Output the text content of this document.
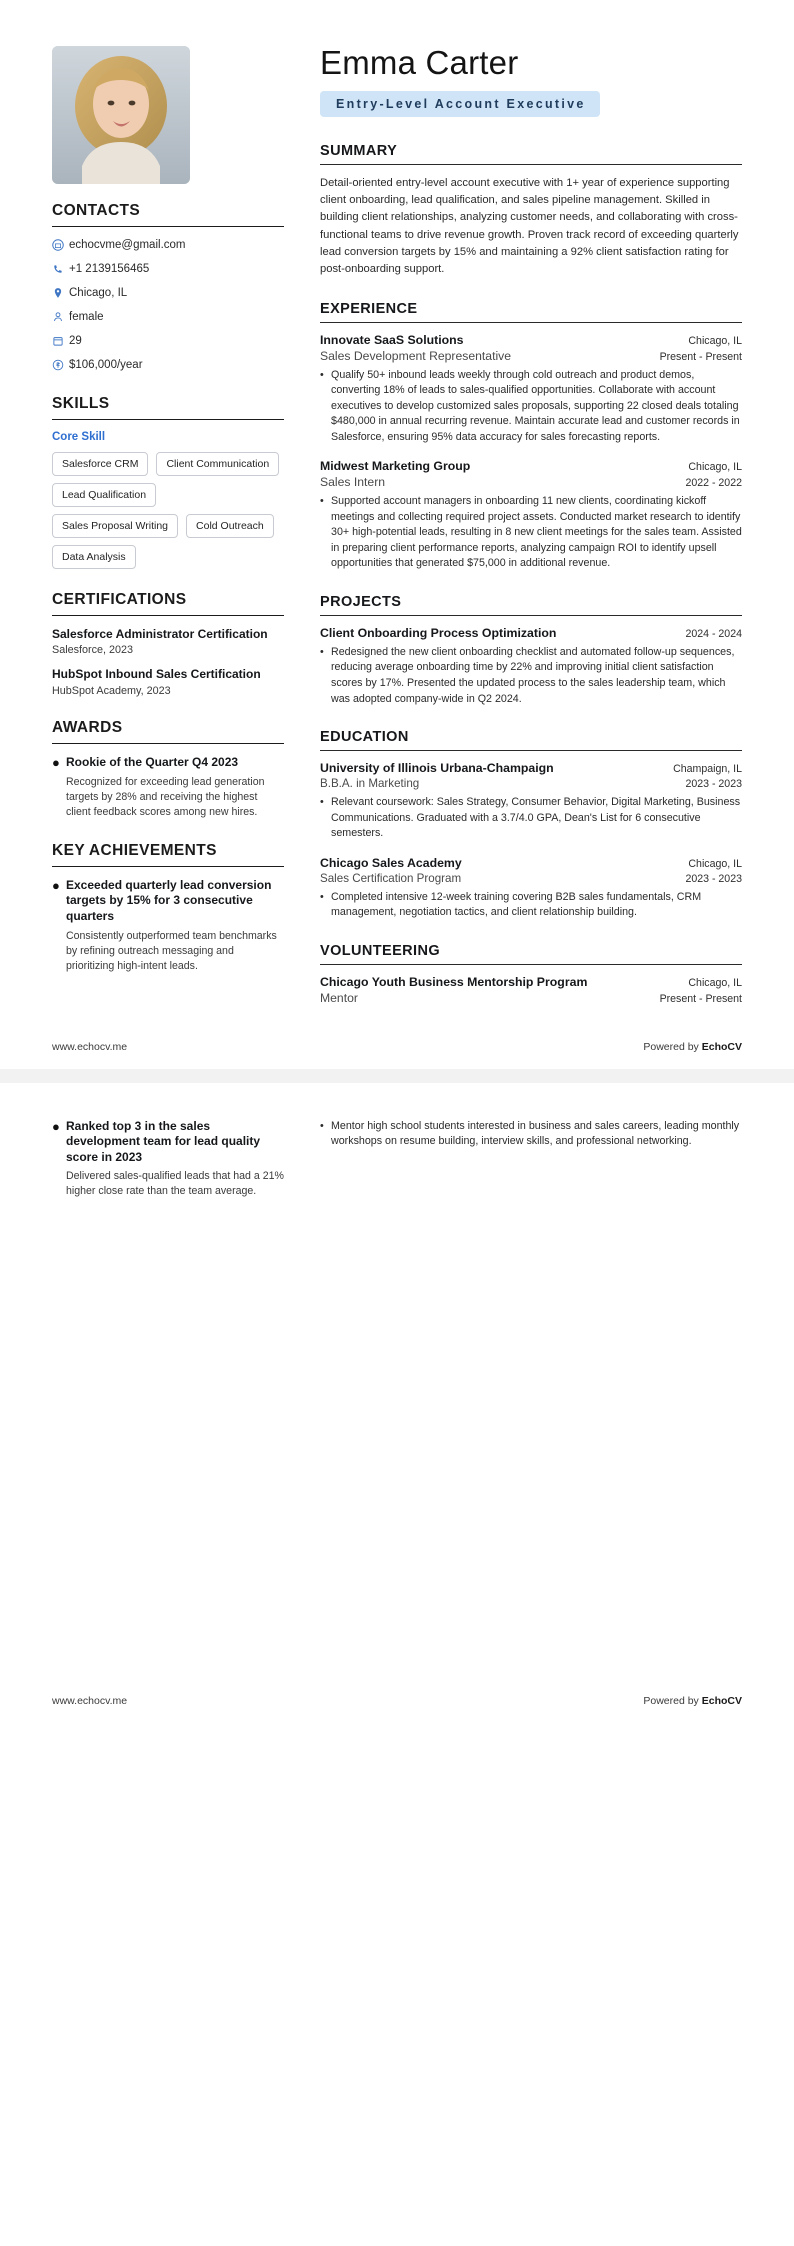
CONTACTS
echocvme@gmail.com
+1 2139156465
Chicago, IL
female
29
$106,000/year
SKILLS
Core Skill
Salesforce CRM	Client Communication
Lead Qualification
Sales Proposal Writing	Cold Outreach
Data Analysis
CERTIFICATIONS
Salesforce Administrator Certification
Salesforce, 2023
HubSpot Inbound Sales Certification
HubSpot Academy, 2023
AWARDS
● Rookie of the Quarter Q4 2023
Recognized for exceeding lead generation targets by 28% and receiving the highest client feedback scores among new hires.
KEY ACHIEVEMENTS
● Exceeded quarterly lead conversion targets by 15% for 3 consecutive quarters
Consistently outperformed team benchmarks by refining outreach messaging and prioritizing high-intent leads.
Emma Carter
Entry-Level Account Executive
SUMMARY

Detail-oriented entry-level account executive with 1+ year of experience supporting client onboarding, lead qualification, and sales pipeline management. Skilled in building client relationships, analyzing customer needs, and collaborating with cross-functional teams to drive revenue growth. Proven track record of exceeding quarterly lead conversion targets by 15% and maintaining a 92% client satisfaction rating for post-onboarding support.

EXPERIENCE
Innovate SaaS Solutions	Chicago, IL
Sales Development Representative	Present - Present
• Qualify 50+ inbound leads weekly through cold outreach and product demos, converting 18% of leads to sales-qualified opportunities. Collaborate with account executives to develop customized sales proposals, supporting 22 closed deals totaling $480,000 in annual recurring revenue. Maintain accurate lead and customer records in Salesforce, ensuring 95% data accuracy for sales forecasting reports.
Midwest Marketing Group	Chicago, IL
Sales Intern	2022 - 2022
• Supported account managers in onboarding 11 new clients, coordinating kickoff meetings and collecting required project assets. Conducted market research to identify 30+ high-potential leads, resulting in 8 new client meetings for the sales team. Assisted in preparing client performance reports, analyzing campaign ROI to identify upsell opportunities that generated $75,000 in additional revenue.
PROJECTS
Client Onboarding Process Optimization	2024 - 2024
• Redesigned the new client onboarding checklist and automated follow-up sequences, reducing average onboarding time by 22% and improving initial client satisfaction scores by 17%. Presented the updated process to the sales leadership team, which was adopted company-wide in Q2 2024.
EDUCATION
University of Illinois Urbana-Champaign	Champaign, IL
B.B.A. in Marketing	2023 - 2023
• Relevant coursework: Sales Strategy, Consumer Behavior, Digital Marketing, Business Communications. Graduated with a 3.7/4.0 GPA, Dean's List for 6 consecutive semesters.
Chicago Sales Academy	Chicago, IL
Sales Certification Program	2023 - 2023
• Completed intensive 12-week training covering B2B sales fundamentals, CRM management, negotiation tactics, and client relationship building.
VOLUNTEERING
Chicago Youth Business Mentorship Program	Chicago, IL
Mentor	Present - Present
www.echocv.me	Powered by EchoCV
● Ranked top 3 in the sales development team for lead quality score in 2023
Delivered sales-qualified leads that had a 21% higher close rate than the team average.
• Mentor high school students interested in business and sales careers, leading monthly workshops on resume building, interview skills, and professional networking.
www.echocv.me	Powered by EchoCV
